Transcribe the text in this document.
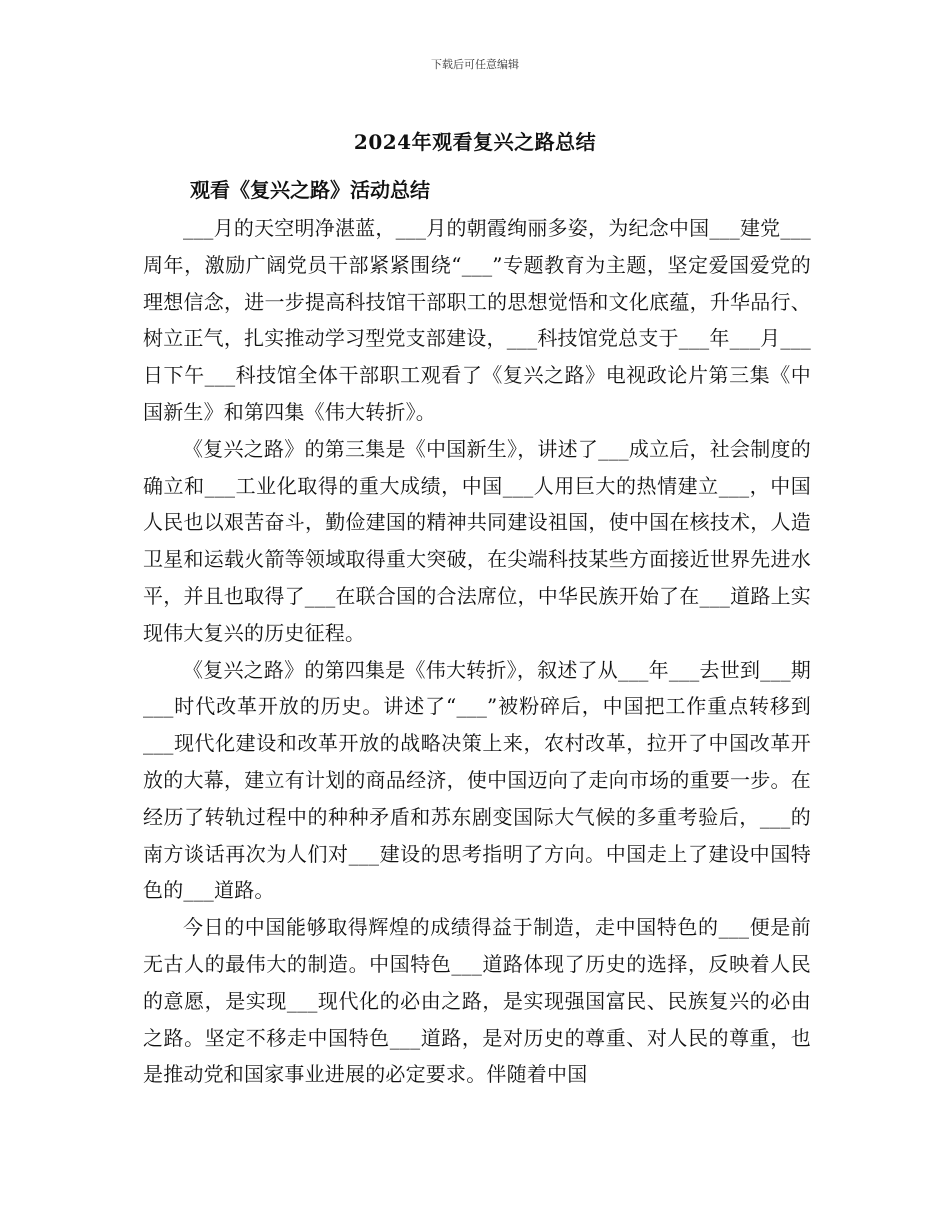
下载后可任意编辑
2024年观看复兴之路总结
观看《复兴之路》活动总结

___月的天空明净湛蓝，___月的朝霞绚丽多姿，为纪念中国___建党___周年，激励广阔党员干部紧紧围绕“___”专题教育为主题，坚定爱国爱党的理想信念，进一步提高科技馆干部职工的思想觉悟和文化底蕴，升华品行、树立正气，扎实推动学习型党支部建设，___科技馆党总支于___年___月___日下午___科技馆全体干部职工观看了《复兴之路》电视政论片第三集《中国新生》和第四集《伟大转折》。

《复兴之路》的第三集是《中国新生》，讲述了___成立后，社会制度的确立和___工业化取得的重大成绩，中国___人用巨大的热情建立___，中国人民也以艰苦奋斗，勤俭建国的精神共同建设祖国，使中国在核技术，人造卫星和运载火箭等领域取得重大突破，在尖端科技某些方面接近世界先进水平，并且也取得了___在联合国的合法席位，中华民族开始了在___道路上实现伟大复兴的历史征程。

《复兴之路》的第四集是《伟大转折》，叙述了从___年___去世到___期___时代改革开放的历史。讲述了“___”被粉碎后，中国把工作重点转移到___现代化建设和改革开放的战略决策上来，农村改革，拉开了中国改革开放的大幕，建立有计划的商品经济，使中国迈向了走向市场的重要一步。在经历了转轨过程中的种种矛盾和苏东剧变国际大气候的多重考验后，___的南方谈话再次为人们对___建设的思考指明了方向。中国走上了建设中国特色的___道路。

今日的中国能够取得辉煌的成绩得益于制造，走中国特色的___便是前无古人的最伟大的制造。中国特色___道路体现了历史的选择，反映着人民的意愿，是实现___现代化的必由之路，是实现强国富民、民族复兴的必由之路。坚定不移走中国特色___道路，是对历史的尊重、对人民的尊重，也是推动党和国家事业进展的必定要求。伴随着中国
